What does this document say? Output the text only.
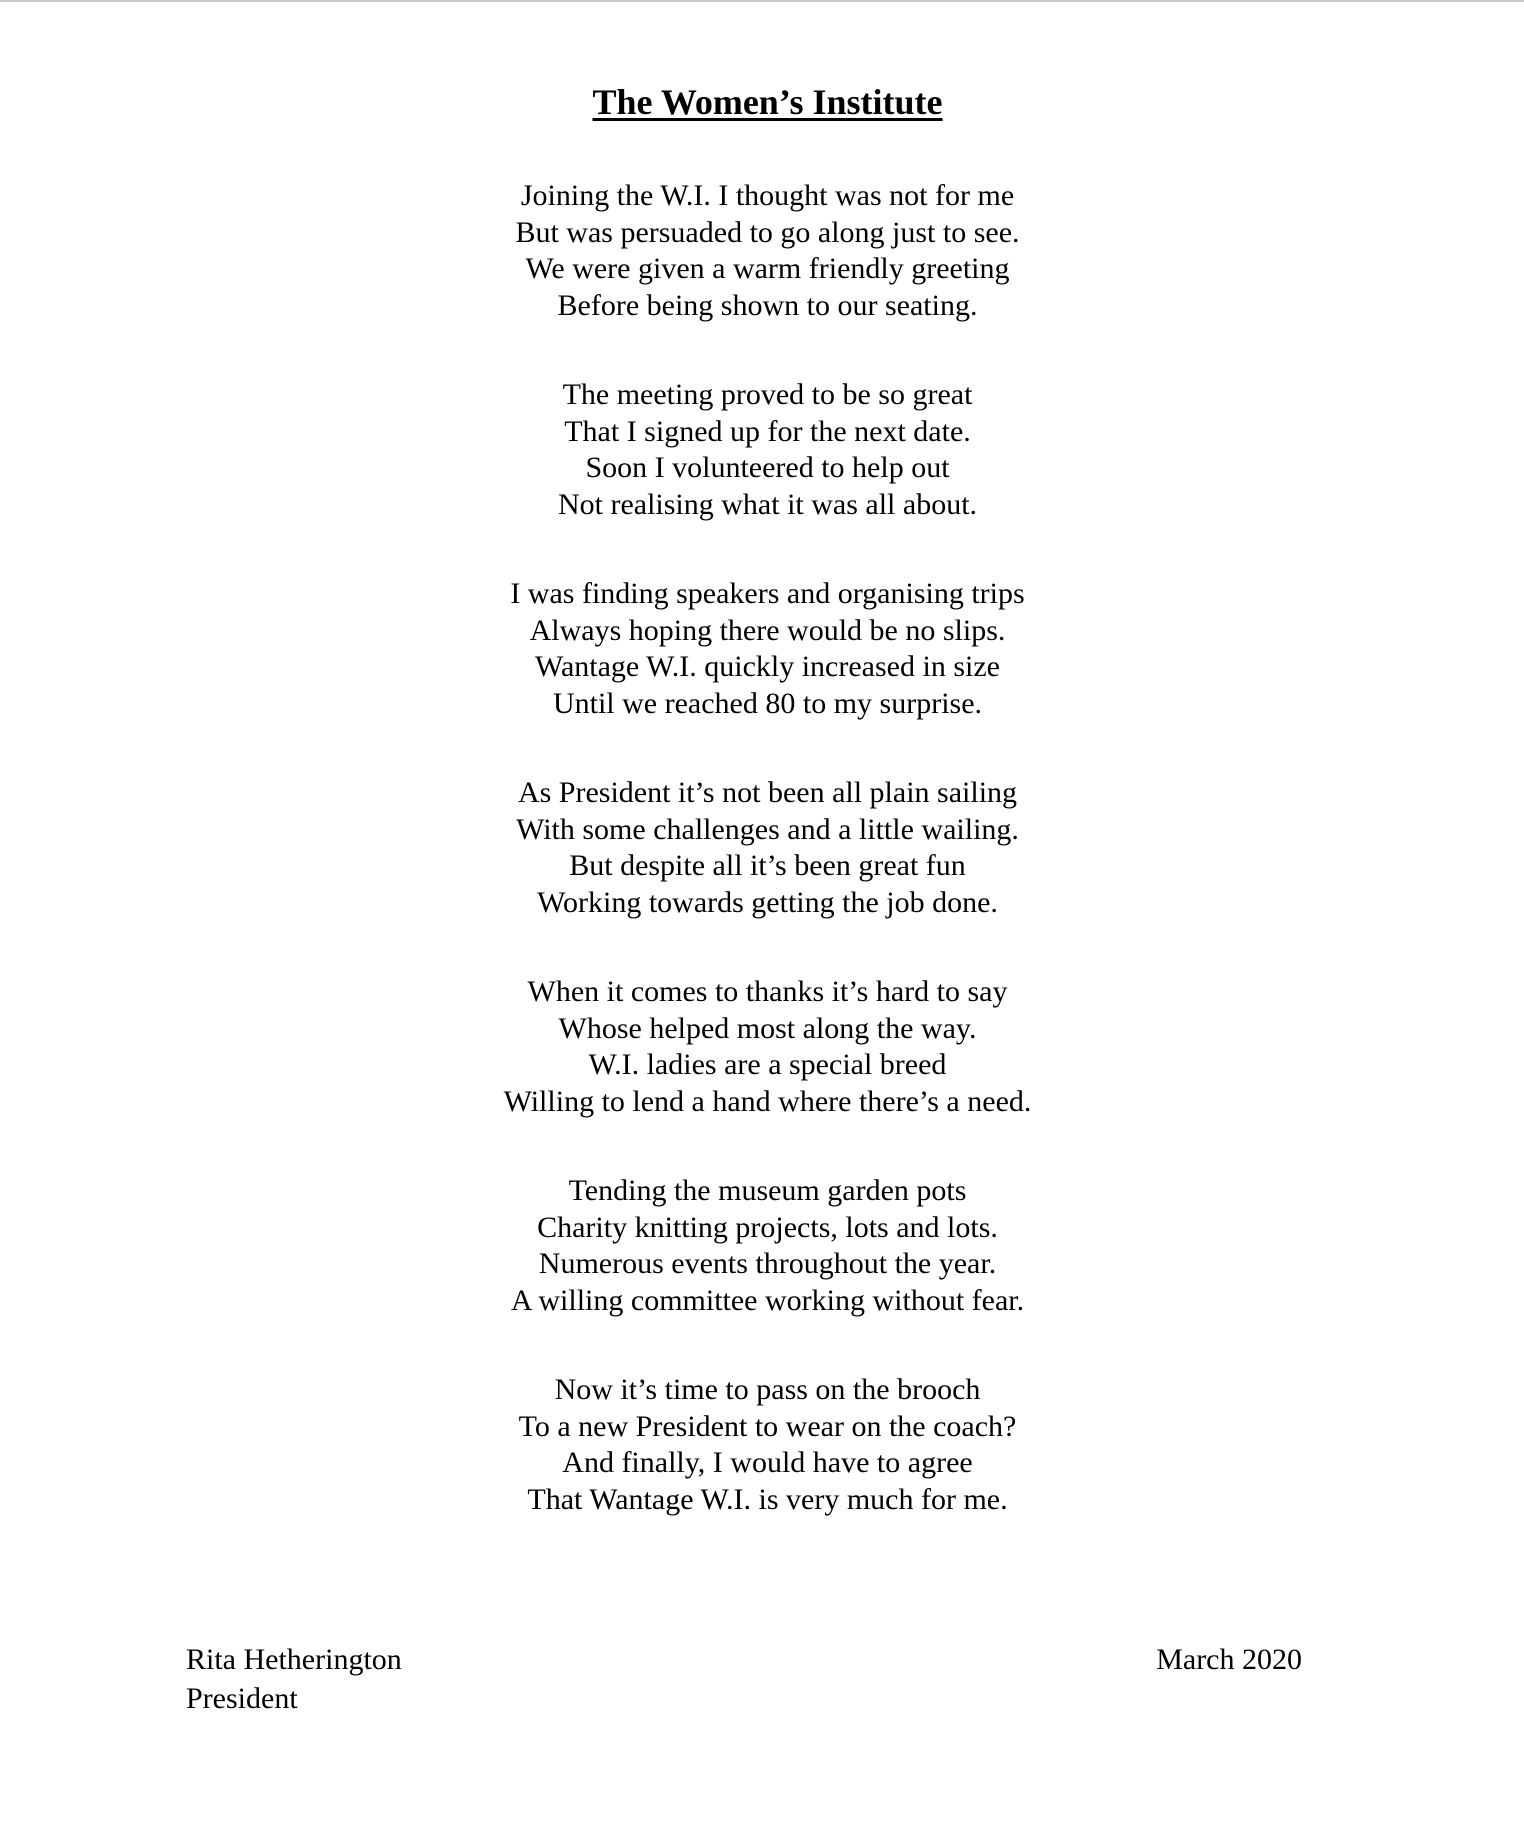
The Women’s Institute
Joining the W.I. I thought was not for me
But was persuaded to go along just to see.
We were given a warm friendly greeting
Before being shown to our seating.
The meeting proved to be so great
That I signed up for the next date.
Soon I volunteered to help out
Not realising what it was all about.
I was finding speakers and organising trips
Always hoping there would be no slips.
Wantage W.I. quickly increased in size
Until we reached 80 to my surprise.
As President it’s not been all plain sailing
With some challenges and a little wailing.
But despite all it’s been great fun
Working towards getting the job done.
When it comes to thanks it’s hard to say
Whose helped most along the way.
W.I. ladies are a special breed
Willing to lend a hand where there’s a need.
Tending the museum garden pots
Charity knitting projects, lots and lots.
Numerous events throughout the year.
A willing committee working without fear.
Now it’s time to pass on the brooch
To a new President to wear on the coach?
And finally, I would have to agree
That Wantage W.I. is very much for me.
Rita Hetherington
President
March 2020
